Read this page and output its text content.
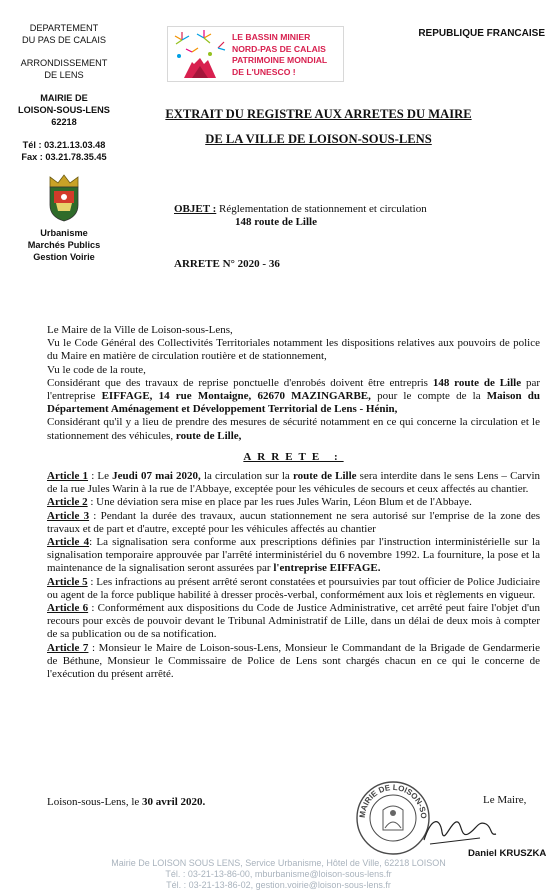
DEPARTEMENT
DU PAS DE CALAIS
ARRONDISSEMENT
DE LENS
MAIRIE DE
LOISON-SOUS-LENS
62218
Tél : 03.21.13.03.48
Fax : 03.21.78.35.45
Urbanisme
Marchés Publics
Gestion Voirie
LE BASSIN MINIER
NORD-PAS DE CALAIS
PATRIMOINE MONDIAL
DE L'UNESCO !
REPUBLIQUE FRANCAISE
EXTRAIT DU REGISTRE AUX ARRETES DU MAIRE
DE LA VILLE DE LOISON-SOUS-LENS
OBJET : Réglementation de stationnement et circulation
148 route de Lille
ARRETE N° 2020 - 36

Le Maire de la Ville de Loison-sous-Lens,

Vu le Code Général des Collectivités Territoriales notamment les dispositions relatives aux pouvoirs de police du Maire en matière de circulation routière et de stationnement,

Vu le code de la route,

Considérant que des travaux de reprise ponctuelle d'enrobés doivent être entrepris 148 route de Lille par l'entreprise EIFFAGE, 14 rue Montaigne, 62670 MAZINGARBE, pour le compte de la Maison du Département Aménagement et Développement Territorial de Lens - Hénin,

Considérant qu'il y a lieu de prendre des mesures de sécurité notamment en ce qui concerne la circulation et le stationnement des véhicules, route de Lille,

ARRETE :

Article 1 : Le Jeudi 07 mai 2020, la circulation sur la route de Lille sera interdite dans le sens Lens – Carvin de la rue Jules Warin à la rue de l'Abbaye, exceptée pour les véhicules de secours et ceux affectés au chantier.

Article 2 : Une déviation sera mise en place par les rues Jules Warin, Léon Blum et de l'Abbaye.

Article 3 : Pendant la durée des travaux, aucun stationnement ne sera autorisé sur l'emprise de la zone des travaux et de part et d'autre, excepté pour les véhicules affectés au chantier

Article 4: La signalisation sera conforme aux prescriptions définies par l'instruction interministérielle sur la signalisation temporaire approuvée par l'arrêté interministériel du 6 novembre 1992. La fourniture, la pose et la maintenance de la signalisation seront assurées par l'entreprise EIFFAGE.

Article 5 : Les infractions au présent arrêté seront constatées et poursuivies par tout officier de Police Judiciaire ou agent de la force publique habilité à dresser procès-verbal, conformément aux lois et règlements en vigueur.

Article 6 : Conformément aux dispositions du Code de Justice Administrative, cet arrêté peut faire l'objet d'un recours pour excès de pouvoir devant le Tribunal Administratif de Lille, dans un délai de deux mois à compter de sa publication ou de sa notification.

Article 7 : Monsieur le Maire de Loison-sous-Lens, Monsieur le Commandant de la Brigade de Gendarmerie de Béthune, Monsieur le Commissaire de Police de Lens sont chargés chacun en ce qui le concerne de l'exécution du présent arrêté.

Loison-sous-Lens, le 30 avril 2020.	Le Maire,
MAIRIE DE LOISON-SO
Daniel KRUSZKA
Mairie De LOISON SOUS LENS, Service Urbanisme, Hôtel de Ville, 62218 LOISON
Tél. : 03-21-13-86-00, mburbanisme@loison-sous-lens.fr
Tél. : 03-21-13-86-02, gestion.voirie@loison-sous-lens.fr
